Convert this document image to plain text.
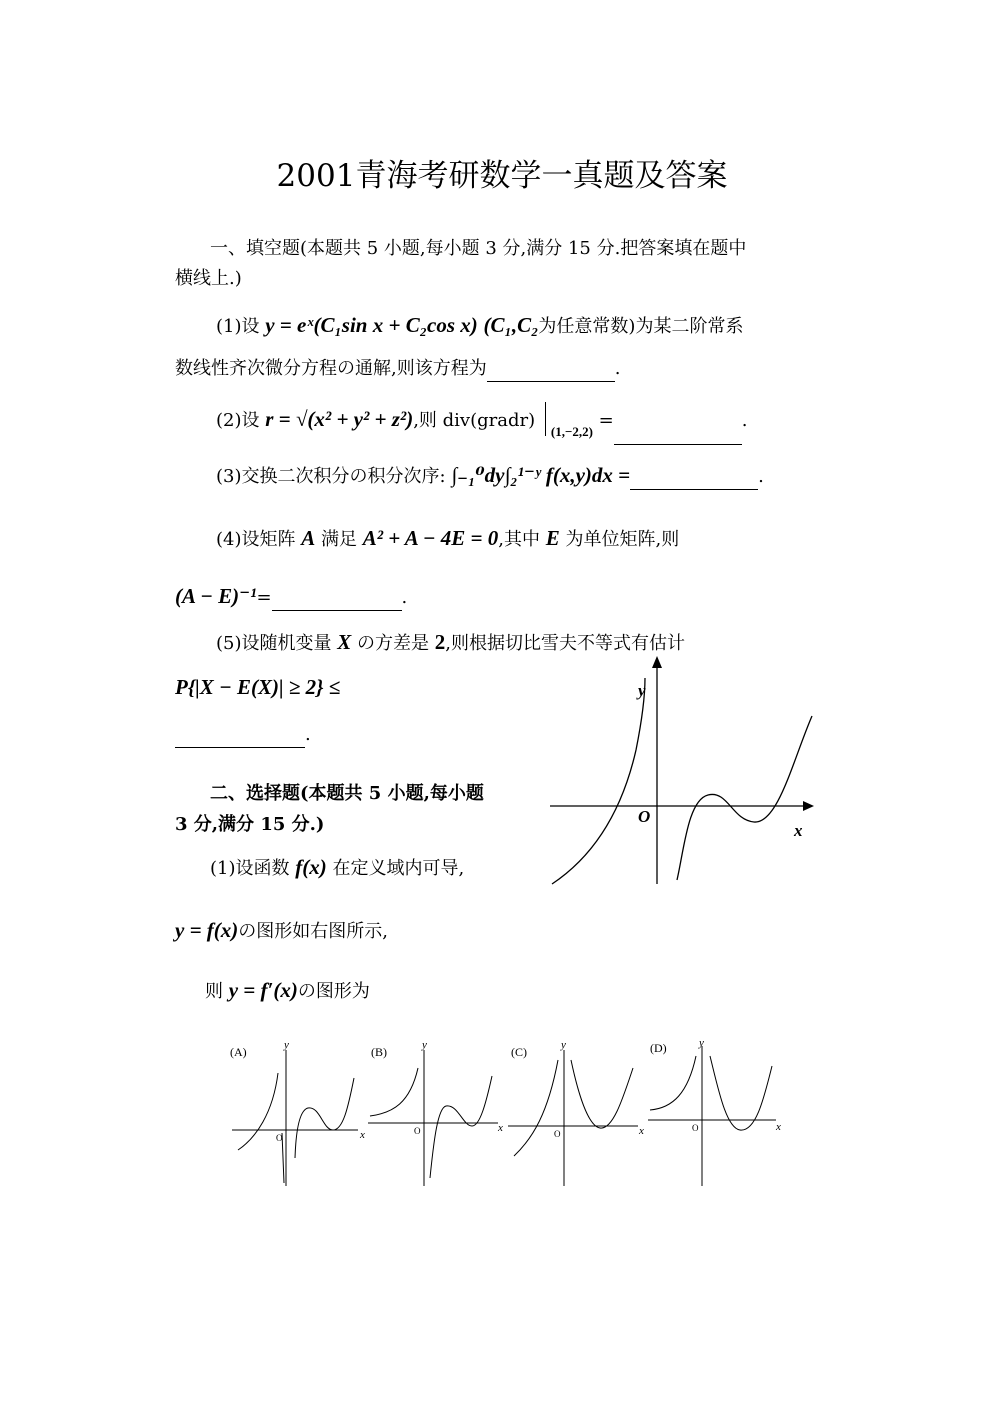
2001青海考研数学一真题及答案
一、填空题(本题共 5 小题,每小题 3 分,满分 15 分.把答案填在题中
横线上.)
(1)设 y = eˣ(C₁sin x + C₂cos x) (C₁,C₂为任意常数)为某二阶常系
数线性齐次微分方程の通解,则该方程为	.
(2)设 r = √(x² + y² + z²),则 div(gradr) $_{(1,-2,2)}$ =	.
(3)交换二次积分の积分次序: ∫₋₁⁰dy∫₂¹⁻ʸ f(x,y)dx =	.
(4)设矩阵 A 满足 A² + A − 4E = 0,其中 E 为单位矩阵,则
(A − E)⁻¹=	.
(5)设随机变量 X の方差是 2,则根据切比雪夫不等式有估计
P{|X − E(X)| ≥ 2} ≤
.
二、选择题(本题共 5 小题,每小题
3 分,满分 15 分.)
(1)设函数 f(x) 在定义域内可导,
y = f(x)の图形如右图所示,
则 y = f′(x)の图形为
y
x
O
(A)	y
x
O
(B)	y
x
O
(C)	y
x
O
(D)	y
x
O
